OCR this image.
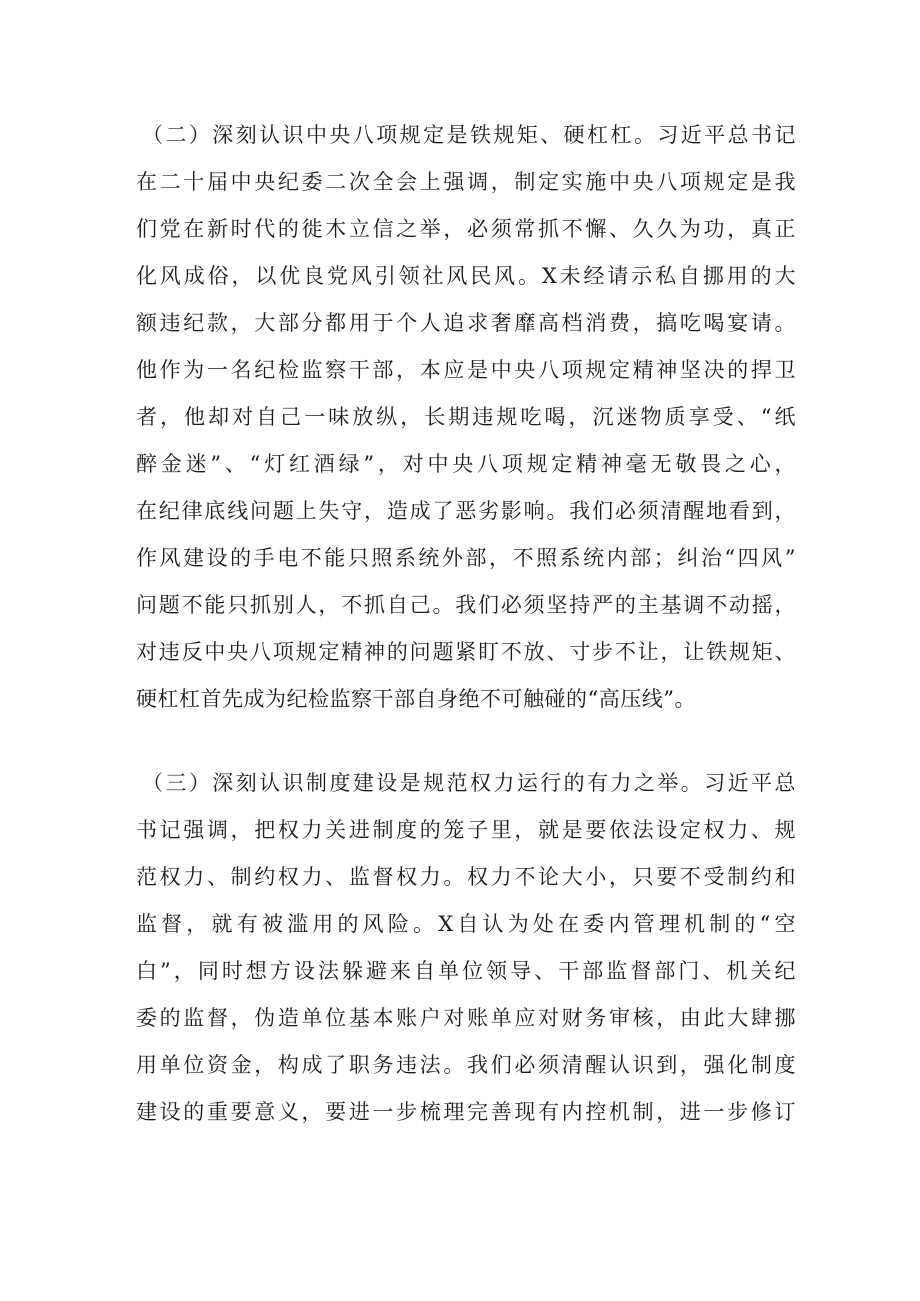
（二）深刻认识中央八项规定是铁规矩、硬杠杠。习近平总书记
在二十届中央纪委二次全会上强调，制定实施中央八项规定是我
们党在新时代的徙木立信之举，必须常抓不懈、久久为功，真正
化风成俗，以优良党风引领社风民风。X未经请示私自挪用的大
额违纪款，大部分都用于个人追求奢靡高档消费，搞吃喝宴请。
他作为一名纪检监察干部，本应是中央八项规定精神坚决的捍卫
者，他却对自己一味放纵，长期违规吃喝，沉迷物质享受、“纸
醉金迷”、“灯红酒绿”，对中央八项规定精神毫无敬畏之心，
在纪律底线问题上失守，造成了恶劣影响。我们必须清醒地看到，
作风建设的手电不能只照系统外部，不照系统内部；纠治“四风”
问题不能只抓别人，不抓自己。我们必须坚持严的主基调不动摇，
对违反中央八项规定精神的问题紧盯不放、寸步不让，让铁规矩、
硬杠杠首先成为纪检监察干部自身绝不可触碰的“高压线”。
（三）深刻认识制度建设是规范权力运行的有力之举。习近平总
书记强调，把权力关进制度的笼子里，就是要依法设定权力、规
范权力、制约权力、监督权力。权力不论大小，只要不受制约和
监督，就有被滥用的风险。X自认为处在委内管理机制的“空
白”，同时想方设法躲避来自单位领导、干部监督部门、机关纪
委的监督，伪造单位基本账户对账单应对财务审核，由此大肆挪
用单位资金，构成了职务违法。我们必须清醒认识到，强化制度
建设的重要意义，要进一步梳理完善现有内控机制，进一步修订
